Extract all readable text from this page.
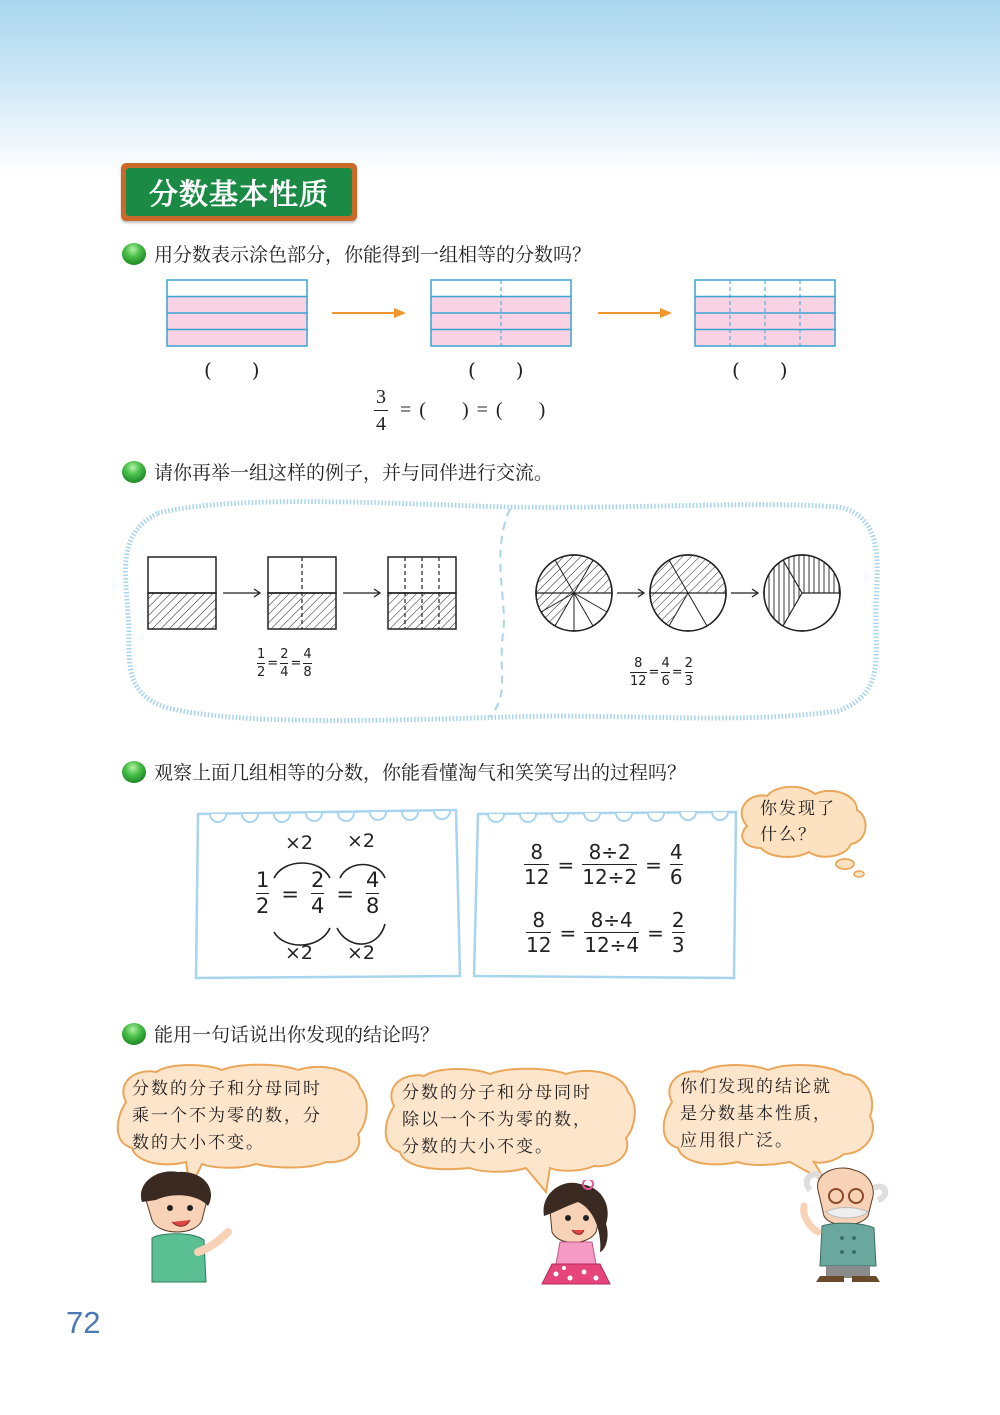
分数基本性质
用分数表示涂色部分，你能得到一组相等的分数吗？
(　　)	(　　)	(　　)
$\frac{3}{4}$ = ( ) = ( )
请你再举一组这样的例子，并与同伴进行交流。
$\frac{1}{2} = \frac{2}{4} = \frac{4}{8}$	$\frac{8}{12} = \frac{4}{6} = \frac{2}{3}$
观察上面几组相等的分数，你能看懂淘气和笑笑写出的过程吗？
×2 ×2
×2 ×2
$\frac{1}{2} = \frac{2}{4} = \frac{4}{8}$
$\frac{8}{12} = \frac{8\div 2}{12\div 2} = \frac{4}{6}$
$\frac{8}{12} = \frac{8\div 4}{12\div 4} = \frac{2}{3}$
你发现了
什么？
能用一句话说出你发现的结论吗？
分数的分子和分母同时
乘一个不为零的数，分
数的大小不变。
分数的分子和分母同时
除以一个不为零的数，
分数的大小不变。
你们发现的结论就
是分数基本性质，
应用很广泛。
72
